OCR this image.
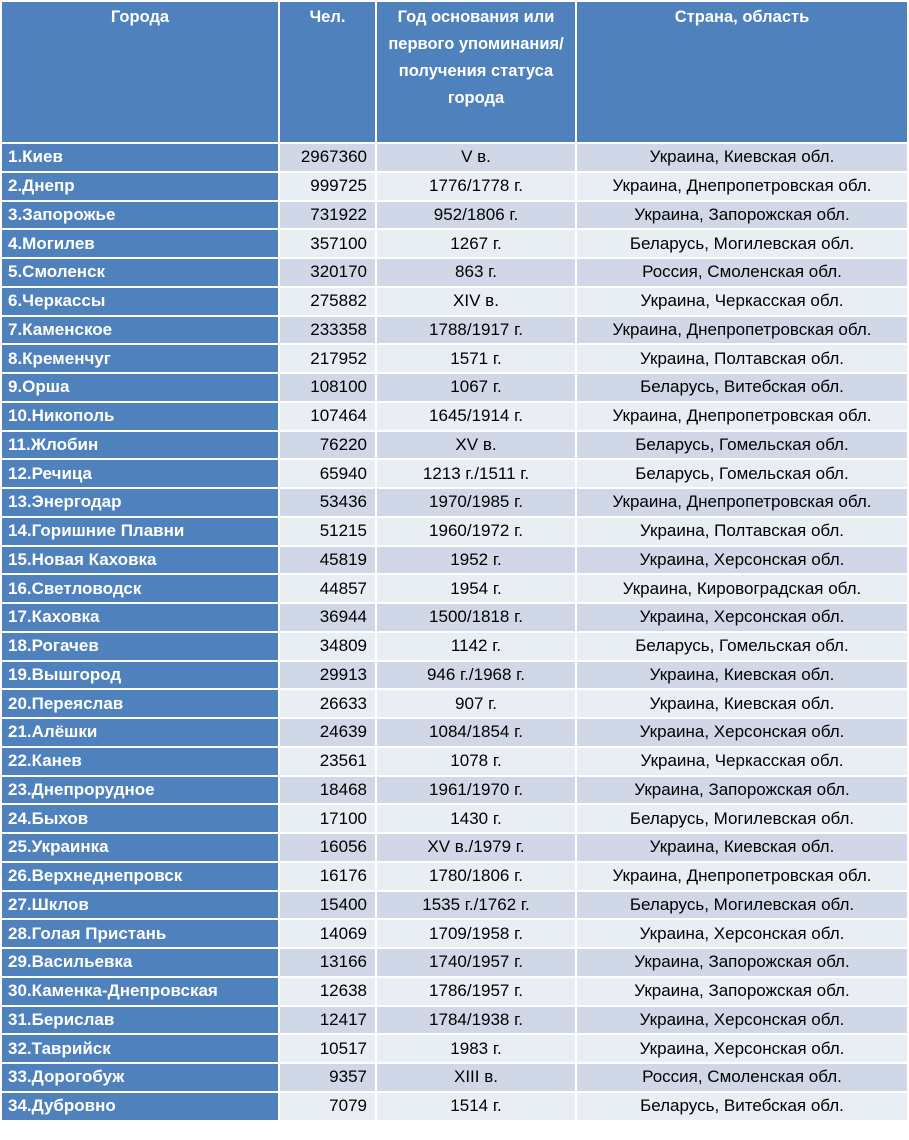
Города	Чел.	Год основания или первого упоминания/ получения статуса города	Страна, область
1.Киев	2967360	V в.	Украина, Киевская обл.
2.Днепр	999725	1776/1778 г.	Украина, Днепропетровская обл.
3.Запорожье	731922	952/1806 г.	Украина, Запорожская обл.
4.Могилев	357100	1267 г.	Беларусь, Могилевская обл.
5.Смоленск	320170	863 г.	Россия, Смоленская обл.
6.Черкассы	275882	XIV в.	Украина, Черкасская обл.
7.Каменское	233358	1788/1917 г.	Украина, Днепропетровская обл.
8.Кременчуг	217952	1571 г.	Украина, Полтавская обл.
9.Орша	108100	1067 г.	Беларусь, Витебская обл.
10.Никополь	107464	1645/1914 г.	Украина, Днепропетровская обл.
11.Жлобин	76220	XV в.	Беларусь, Гомельская обл.
12.Речица	65940	1213 г./1511 г.	Беларусь, Гомельская обл.
13.Энергодар	53436	1970/1985 г.	Украина, Днепропетровская обл.
14.Горишние Плавни	51215	1960/1972 г.	Украина, Полтавская обл.
15.Новая Каховка	45819	1952 г.	Украина, Херсонская обл.
16.Светловодск	44857	1954 г.	Украина, Кировоградская обл.
17.Каховка	36944	1500/1818 г.	Украина, Херсонская обл.
18.Рогачев	34809	1142 г.	Беларусь, Гомельская обл.
19.Вышгород	29913	946 г./1968 г.	Украина, Киевская обл.
20.Переяслав	26633	907 г.	Украина, Киевская обл.
21.Алёшки	24639	1084/1854 г.	Украина, Херсонская обл.
22.Канев	23561	1078 г.	Украина, Черкасская обл.
23.Днепрорудное	18468	1961/1970 г.	Украина, Запорожская обл.
24.Быхов	17100	1430 г.	Беларусь, Могилевская обл.
25.Украинка	16056	XV в./1979 г.	Украина, Киевская обл.
26.Верхнеднепровск	16176	1780/1806 г.	Украина, Днепропетровская обл.
27.Шклов	15400	1535 г./1762 г.	Беларусь, Могилевская обл.
28.Голая Пристань	14069	1709/1958 г.	Украина, Херсонская обл.
29.Васильевка	13166	1740/1957 г.	Украина, Запорожская обл.
30.Каменка-Днепровская	12638	1786/1957 г.	Украина, Запорожская обл.
31.Берислав	12417	1784/1938 г.	Украина, Херсонская обл.
32.Таврийск	10517	1983 г.	Украина, Херсонская обл.
33.Дорогобуж	9357	XIII в.	Россия, Смоленская обл.
34.Дубровно	7079	1514 г.	Беларусь, Витебская обл.
